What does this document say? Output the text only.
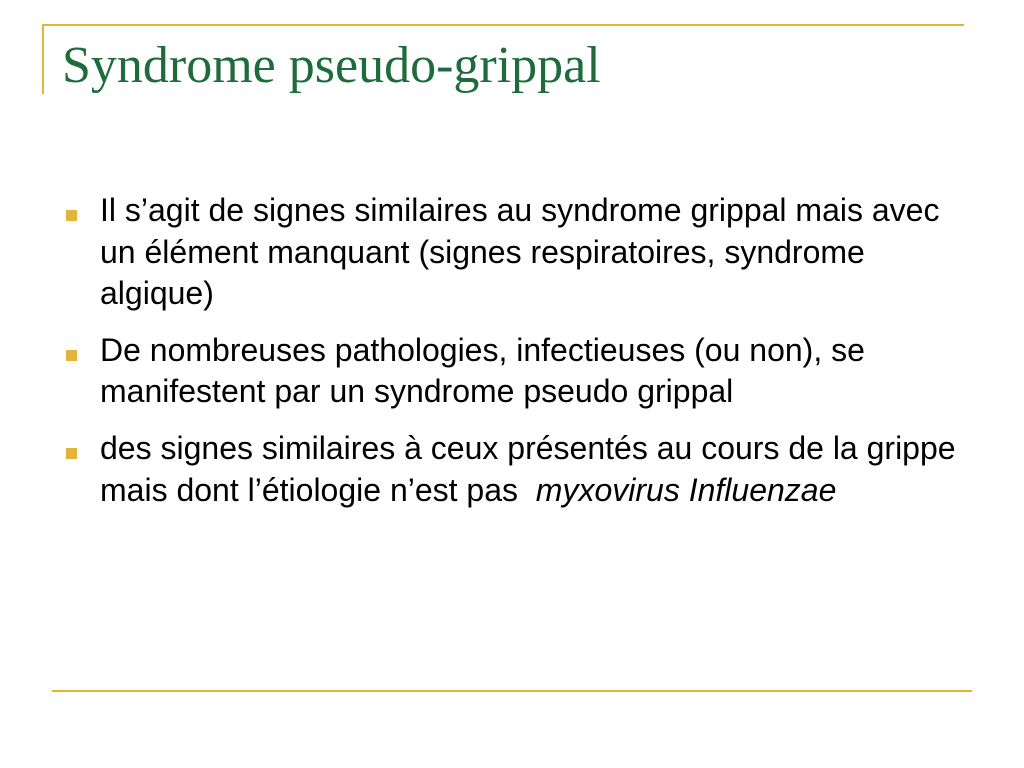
Syndrome pseudo-grippal
Il s’agit de signes similaires au syndrome grippal mais avec un élément manquant (signes respiratoires, syndrome algique)
De nombreuses pathologies, infectieuses (ou non), se manifestent par un syndrome pseudo grippal
des signes similaires à ceux présentés au cours de la grippe mais dont l’étiologie n’est pas myxovirus Influenzae
